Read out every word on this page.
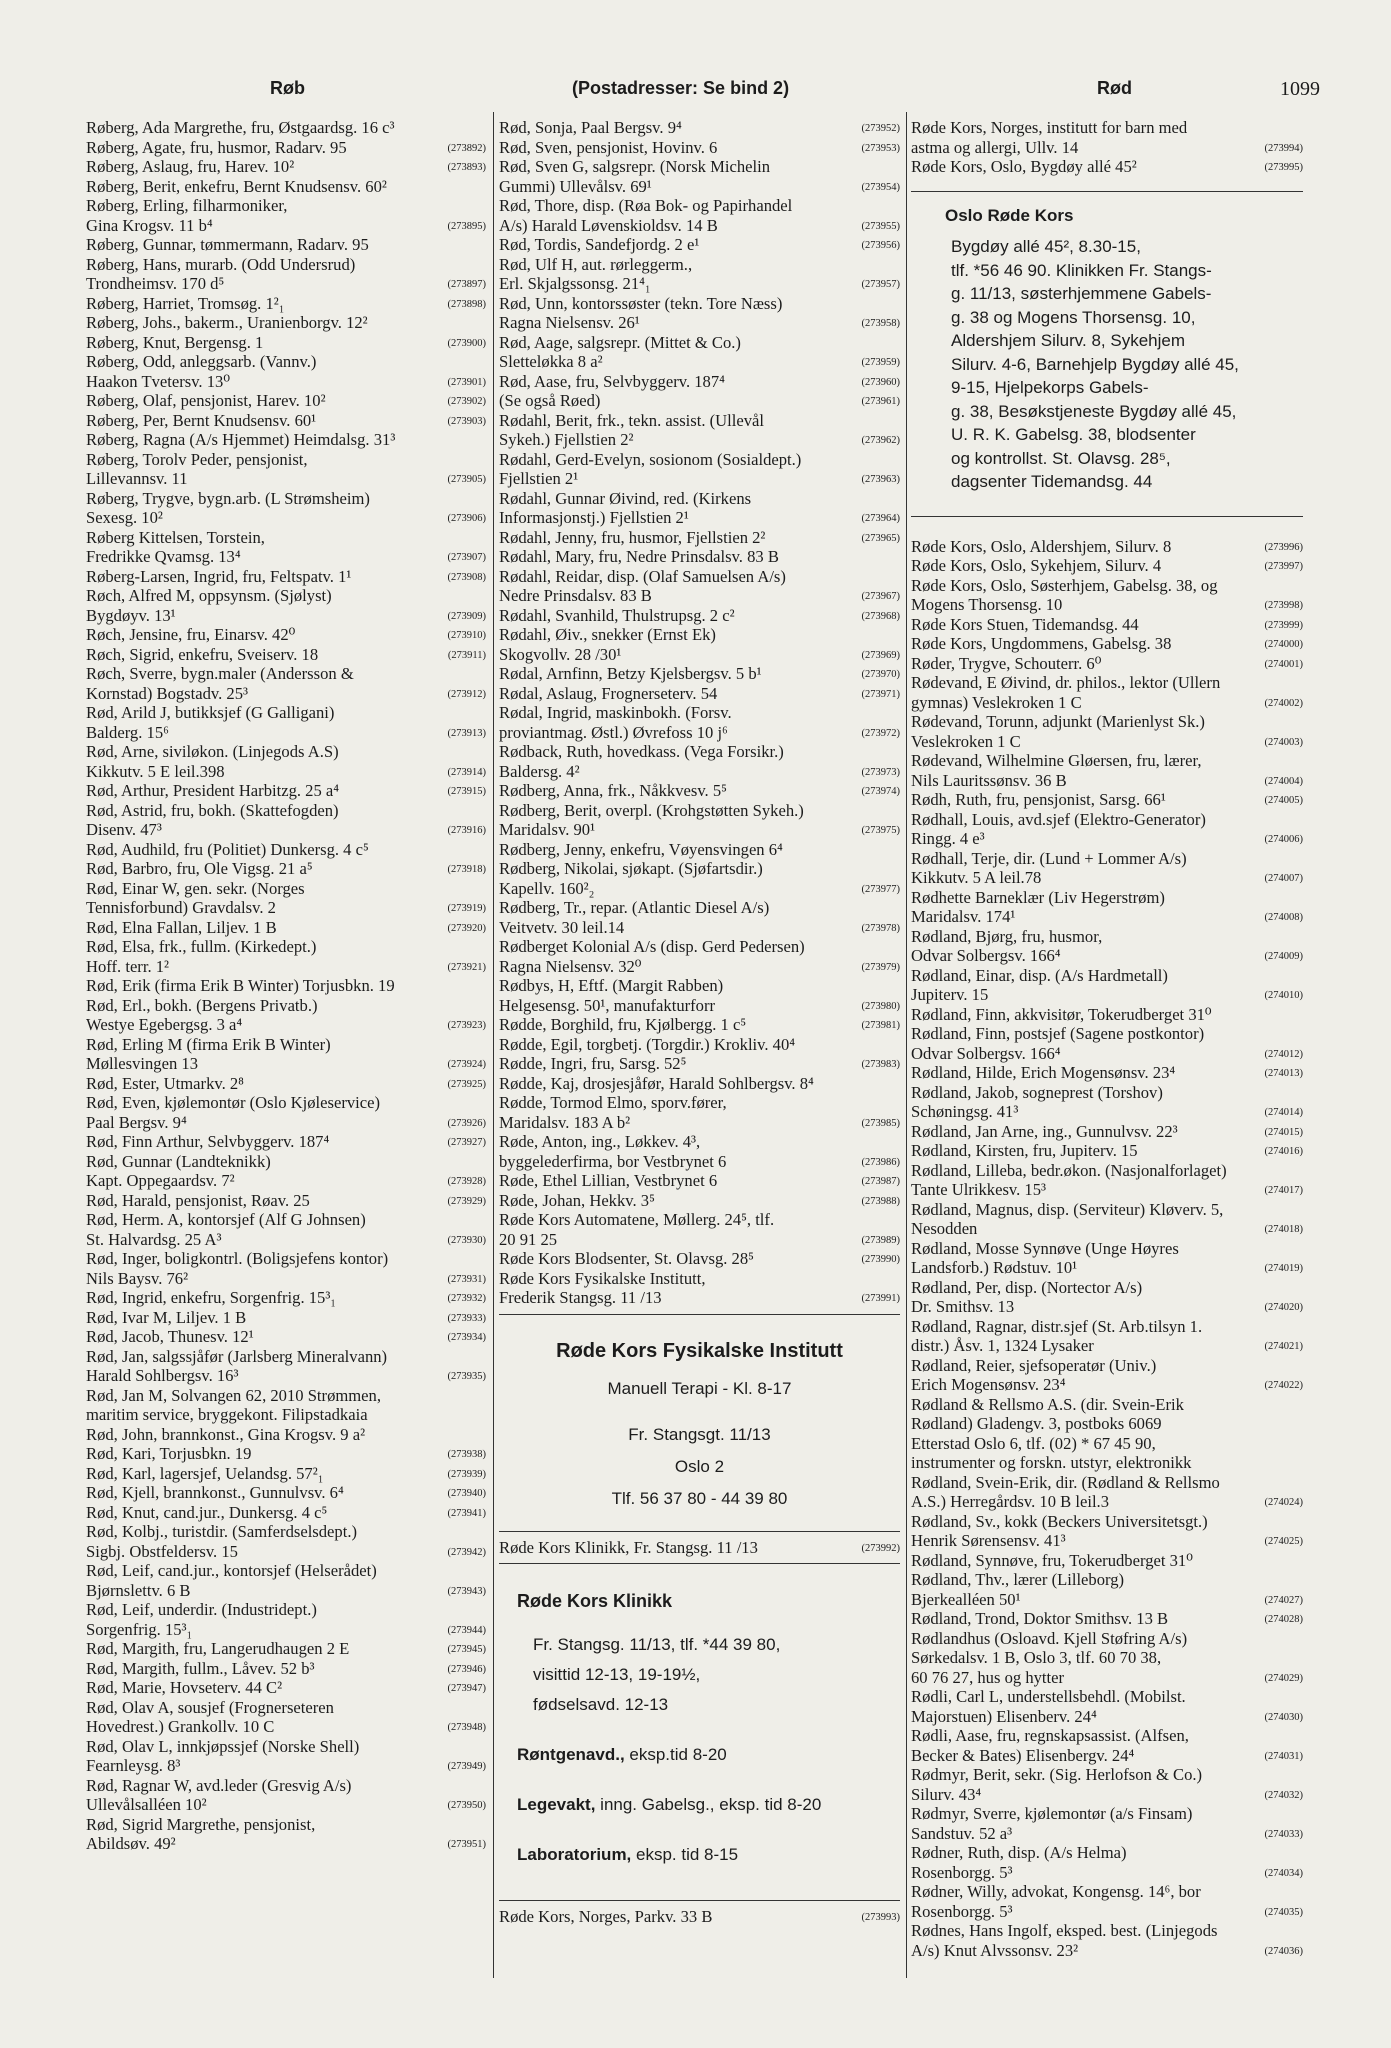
Røb	(Postadresser: Se bind 2)	Rød	1099
Røberg, Ada Margrethe, fru, Østgaardsg. 16 c³
Røberg, Agate, fru, husmor, Radarv. 95	(273892)
Røberg, Aslaug, fru, Harev. 10²	(273893)
Røberg, Berit, enkefru, Bernt Knudsensv. 60²
Røberg, Erling, filharmoniker,
Gina Krogsv. 11 b⁴	(273895)
Røberg, Gunnar, tømmermann, Radarv. 95
Røberg, Hans, murarb. (Odd Undersrud)
Trondheimsv. 170 d⁵	(273897)
Røberg, Harriet, Tromsøg. 1²₁	(273898)
Røberg, Johs., bakerm., Uranienborgv. 12²
Røberg, Knut, Bergensg. 1	(273900)
Røberg, Odd, anleggsarb. (Vannv.)
Haakon Tvetersv. 13⁰	(273901)
Røberg, Olaf, pensjonist, Harev. 10²	(273902)
Røberg, Per, Bernt Knudsensv. 60¹	(273903)
Røberg, Ragna (A/s Hjemmet) Heimdalsg. 31³
Røberg, Torolv Peder, pensjonist,
Lillevannsv. 11	(273905)
Røberg, Trygve, bygn.arb. (L Strømsheim)
Sexesg. 10²	(273906)
Røberg Kittelsen, Torstein,
Fredrikke Qvamsg. 13⁴	(273907)
Røberg-Larsen, Ingrid, fru, Feltspatv. 1¹	(273908)
Røch, Alfred M, oppsynsm. (Sjølyst)
Bygdøyv. 13¹	(273909)
Røch, Jensine, fru, Einarsv. 42⁰	(273910)
Røch, Sigrid, enkefru, Sveiserv. 18	(273911)
Røch, Sverre, bygn.maler (Andersson &
Kornstad) Bogstadv. 25³	(273912)
Rød, Arild J, butikksjef (G Galligani)
Balderg. 15⁶	(273913)
Rød, Arne, siviløkon. (Linjegods A.S)
Kikkutv. 5 E leil.398	(273914)
Rød, Arthur, President Harbitzg. 25 a⁴	(273915)
Rød, Astrid, fru, bokh. (Skattefogden)
Disenv. 47³	(273916)
Rød, Audhild, fru (Politiet) Dunkersg. 4 c⁵
Rød, Barbro, fru, Ole Vigsg. 21 a⁵	(273918)
Rød, Einar W, gen. sekr. (Norges
Tennisforbund) Gravdalsv. 2	(273919)
Rød, Elna Fallan, Liljev. 1 B	(273920)
Rød, Elsa, frk., fullm. (Kirkedept.)
Hoff. terr. 1²	(273921)
Rød, Erik (firma Erik B Winter) Torjusbkn. 19
Rød, Erl., bokh. (Bergens Privatb.)
Westye Egebergsg. 3 a⁴	(273923)
Rød, Erling M (firma Erik B Winter)
Møllesvingen 13	(273924)
Rød, Ester, Utmarkv. 2⁸	(273925)
Rød, Even, kjølemontør (Oslo Kjøleservice)
Paal Bergsv. 9⁴	(273926)
Rød, Finn Arthur, Selvbyggerv. 187⁴	(273927)
Rød, Gunnar (Landteknikk)
Kapt. Oppegaardsv. 7²	(273928)
Rød, Harald, pensjonist, Røav. 25	(273929)
Rød, Herm. A, kontorsjef (Alf G Johnsen)
St. Halvardsg. 25 A³	(273930)
Rød, Inger, boligkontrl. (Boligsjefens kontor)
Nils Baysv. 76²	(273931)
Rød, Ingrid, enkefru, Sorgenfrig. 15³₁	(273932)
Rød, Ivar M, Liljev. 1 B	(273933)
Rød, Jacob, Thunesv. 12¹	(273934)
Rød, Jan, salgssjåfør (Jarlsberg Mineralvann)
Harald Sohlbergsv. 16³	(273935)
Rød, Jan M, Solvangen 62, 2010 Strømmen,
maritim service, bryggekont. Filipstadkaia
Rød, John, brannkonst., Gina Krogsv. 9 a²
Rød, Kari, Torjusbkn. 19	(273938)
Rød, Karl, lagersjef, Uelandsg. 57²₁	(273939)
Rød, Kjell, brannkonst., Gunnulvsv. 6⁴	(273940)
Rød, Knut, cand.jur., Dunkersg. 4 c⁵	(273941)
Rød, Kolbj., turistdir. (Samferdselsdept.)
Sigbj. Obstfeldersv. 15	(273942)
Rød, Leif, cand.jur., kontorsjef (Helserådet)
Bjørnslettv. 6 B	(273943)
Rød, Leif, underdir. (Industridept.)
Sorgenfrig. 15³₁	(273944)
Rød, Margith, fru, Langerudhaugen 2 E	(273945)
Rød, Margith, fullm., Låvev. 52 b³	(273946)
Rød, Marie, Hovseterv. 44 C²	(273947)
Rød, Olav A, sousjef (Frognerseteren
Hovedrest.) Grankollv. 10 C	(273948)
Rød, Olav L, innkjøpssjef (Norske Shell)
Fearnleysg. 8³	(273949)
Rød, Ragnar W, avd.leder (Gresvig A/s)
Ullevålsalléen 10²	(273950)
Rød, Sigrid Margrethe, pensjonist,
Abildsøv. 49²	(273951)
Rød, Sonja, Paal Bergsv. 9⁴	(273952)
Rød, Sven, pensjonist, Hovinv. 6	(273953)
Rød, Sven G, salgsrepr. (Norsk Michelin
Gummi) Ullevålsv. 69¹	(273954)
Rød, Thore, disp. (Røa Bok- og Papirhandel
A/s) Harald Løvenskioldsv. 14 B	(273955)
Rød, Tordis, Sandefjordg. 2 e¹	(273956)
Rød, Ulf H, aut. rørleggerm.,
Erl. Skjalgssonsg. 21⁴₁	(273957)
Rød, Unn, kontorssøster (tekn. Tore Næss)
Ragna Nielsensv. 26¹	(273958)
Rød, Aage, salgsrepr. (Mittet & Co.)
Sletteløkka 8 a²	(273959)
Rød, Aase, fru, Selvbyggerv. 187⁴	(273960)
(Se også Røed)	(273961)
Rødahl, Berit, frk., tekn. assist. (Ullevål
Sykeh.) Fjellstien 2²	(273962)
Rødahl, Gerd-Evelyn, sosionom (Sosialdept.)
Fjellstien 2¹	(273963)
Rødahl, Gunnar Øivind, red. (Kirkens
Informasjonstj.) Fjellstien 2¹	(273964)
Rødahl, Jenny, fru, husmor, Fjellstien 2²	(273965)
Rødahl, Mary, fru, Nedre Prinsdalsv. 83 B
Rødahl, Reidar, disp. (Olaf Samuelsen A/s)
Nedre Prinsdalsv. 83 B	(273967)
Rødahl, Svanhild, Thulstrupsg. 2 c²	(273968)
Rødahl, Øiv., snekker (Ernst Ek)
Skogvollv. 28 /30¹	(273969)
Rødal, Arnfinn, Betzy Kjelsbergsv. 5 b¹	(273970)
Rødal, Aslaug, Frognerseterv. 54	(273971)
Rødal, Ingrid, maskinbokh. (Forsv.
proviantmag. Østl.) Øvrefoss 10 j⁶	(273972)
Rødback, Ruth, hovedkass. (Vega Forsikr.)
Baldersg. 4²	(273973)
Rødberg, Anna, frk., Nåkkvesv. 5⁵	(273974)
Rødberg, Berit, overpl. (Krohgstøtten Sykeh.)
Maridalsv. 90¹	(273975)
Rødberg, Jenny, enkefru, Vøyensvingen 6⁴
Rødberg, Nikolai, sjøkapt. (Sjøfartsdir.)
Kapellv. 160²₂	(273977)
Rødberg, Tr., repar. (Atlantic Diesel A/s)
Veitvetv. 30 leil.14	(273978)
Rødberget Kolonial A/s (disp. Gerd Pedersen)
Ragna Nielsensv. 32⁰	(273979)
Rødbys, H, Eftf. (Margit Rabben)
Helgesensg. 50¹, manufakturforr	(273980)
Rødde, Borghild, fru, Kjølbergg. 1 c⁵	(273981)
Rødde, Egil, torgbetj. (Torgdir.) Krokliv. 40⁴
Rødde, Ingri, fru, Sarsg. 52⁵	(273983)
Rødde, Kaj, drosjesjåfør, Harald Sohlbergsv. 8⁴
Rødde, Tormod Elmo, sporv.fører,
Maridalsv. 183 A b²	(273985)
Røde, Anton, ing., Løkkev. 4³,
byggelederfirma, bor Vestbrynet 6	(273986)
Røde, Ethel Lillian, Vestbrynet 6	(273987)
Røde, Johan, Hekkv. 3⁵	(273988)
Røde Kors Automatene, Møllerg. 24⁵, tlf.
20 91 25	(273989)
Røde Kors Blodsenter, St. Olavsg. 28⁵	(273990)
Røde Kors Fysikalske Institutt,
Frederik Stangsg. 11 /13	(273991)

Røde Kors Fysikalske Institutt

Manuell Terapi - Kl. 8-17

Fr. Stangsgt. 11/13

Oslo 2

Tlf. 56 37 80 - 44 39 80

Røde Kors Klinikk, Fr. Stangsg. 11 /13	(273992)

Røde Kors Klinikk

Fr. Stangsg. 11/13, tlf. *44 39 80,

visittid 12-13, 19-19½,

fødselsavd. 12-13

Røntgenavd., eksp.tid 8-20

Legevakt, inng. Gabelsg., eksp. tid 8-20

Laboratorium, eksp. tid 8-15

Røde Kors, Norges, Parkv. 33 B	(273993)
Røde Kors, Norges, institutt for barn med
astma og allergi, Ullv. 14	(273994)
Røde Kors, Oslo, Bygdøy allé 45²	(273995)

Oslo Røde Kors

Bygdøy allé 45², 8.30-15,

tlf. *56 46 90. Klinikken Fr. Stangs-

g. 11/13, søsterhjemmene Gabels-

g. 38 og Mogens Thorsensg. 10,

Aldershjem Silurv. 8, Sykehjem

Silurv. 4-6, Barnehjelp Bygdøy allé 45,

9-15, Hjelpekorps Gabels-

g. 38, Besøkstjeneste Bygdøy allé 45,

U. R. K. Gabelsg. 38, blodsenter

og kontrollst. St. Olavsg. 28⁵,

dagsenter Tidemandsg. 44

Røde Kors, Oslo, Aldershjem, Silurv. 8	(273996)
Røde Kors, Oslo, Sykehjem, Silurv. 4	(273997)
Røde Kors, Oslo, Søsterhjem, Gabelsg. 38, og
Mogens Thorsensg. 10	(273998)
Røde Kors Stuen, Tidemandsg. 44	(273999)
Røde Kors, Ungdommens, Gabelsg. 38	(274000)
Røder, Trygve, Schouterr. 6⁰	(274001)
Rødevand, E Øivind, dr. philos., lektor (Ullern
gymnas) Veslekroken 1 C	(274002)
Rødevand, Torunn, adjunkt (Marienlyst Sk.)
Veslekroken 1 C	(274003)
Rødevand, Wilhelmine Gløersen, fru, lærer,
Nils Lauritssønsv. 36 B	(274004)
Rødh, Ruth, fru, pensjonist, Sarsg. 66¹	(274005)
Rødhall, Louis, avd.sjef (Elektro-Generator)
Ringg. 4 e³	(274006)
Rødhall, Terje, dir. (Lund + Lommer A/s)
Kikkutv. 5 A leil.78	(274007)
Rødhette Barneklær (Liv Hegerstrøm)
Maridalsv. 174¹	(274008)
Rødland, Bjørg, fru, husmor,
Odvar Solbergsv. 166⁴	(274009)
Rødland, Einar, disp. (A/s Hardmetall)
Jupiterv. 15	(274010)
Rødland, Finn, akkvisitør, Tokerudberget 31⁰
Rødland, Finn, postsjef (Sagene postkontor)
Odvar Solbergsv. 166⁴	(274012)
Rødland, Hilde, Erich Mogensønsv. 23⁴	(274013)
Rødland, Jakob, sogneprest (Torshov)
Schøningsg. 41³	(274014)
Rødland, Jan Arne, ing., Gunnulvsv. 22³	(274015)
Rødland, Kirsten, fru, Jupiterv. 15	(274016)
Rødland, Lilleba, bedr.økon. (Nasjonalforlaget)
Tante Ulrikkesv. 15³	(274017)
Rødland, Magnus, disp. (Serviteur) Kløverv. 5,
Nesodden	(274018)
Rødland, Mosse Synnøve (Unge Høyres
Landsforb.) Rødstuv. 10¹	(274019)
Rødland, Per, disp. (Nortector A/s)
Dr. Smithsv. 13	(274020)
Rødland, Ragnar, distr.sjef (St. Arb.tilsyn 1.
distr.) Åsv. 1, 1324 Lysaker	(274021)
Rødland, Reier, sjefsoperatør (Univ.)
Erich Mogensønsv. 23⁴	(274022)
Rødland & Rellsmo A.S. (dir. Svein-Erik
Rødland) Gladengv. 3, postboks 6069
Etterstad Oslo 6, tlf. (02) * 67 45 90,
instrumenter og forskn. utstyr, elektronikk
Rødland, Svein-Erik, dir. (Rødland & Rellsmo
A.S.) Herregårdsv. 10 B leil.3	(274024)
Rødland, Sv., kokk (Beckers Universitetsgt.)
Henrik Sørensensv. 41³	(274025)
Rødland, Synnøve, fru, Tokerudberget 31⁰
Rødland, Thv., lærer (Lilleborg)
Bjerkealléen 50¹	(274027)
Rødland, Trond, Doktor Smithsv. 13 B	(274028)
Rødlandhus (Osloavd. Kjell Støfring A/s)
Sørkedalsv. 1 B, Oslo 3, tlf. 60 70 38,
60 76 27, hus og hytter	(274029)
Rødli, Carl L, understellsbehdl. (Mobilst.
Majorstuen) Elisenberv. 24⁴	(274030)
Rødli, Aase, fru, regnskapsassist. (Alfsen,
Becker & Bates) Elisenbergv. 24⁴	(274031)
Rødmyr, Berit, sekr. (Sig. Herlofson & Co.)
Silurv. 43⁴	(274032)
Rødmyr, Sverre, kjølemontør (a/s Finsam)
Sandstuv. 52 a³	(274033)
Rødner, Ruth, disp. (A/s Helma)
Rosenborgg. 5³	(274034)
Rødner, Willy, advokat, Kongensg. 14⁶, bor
Rosenborgg. 5³	(274035)
Rødnes, Hans Ingolf, eksped. best. (Linjegods
A/s) Knut Alvssonsv. 23²	(274036)
